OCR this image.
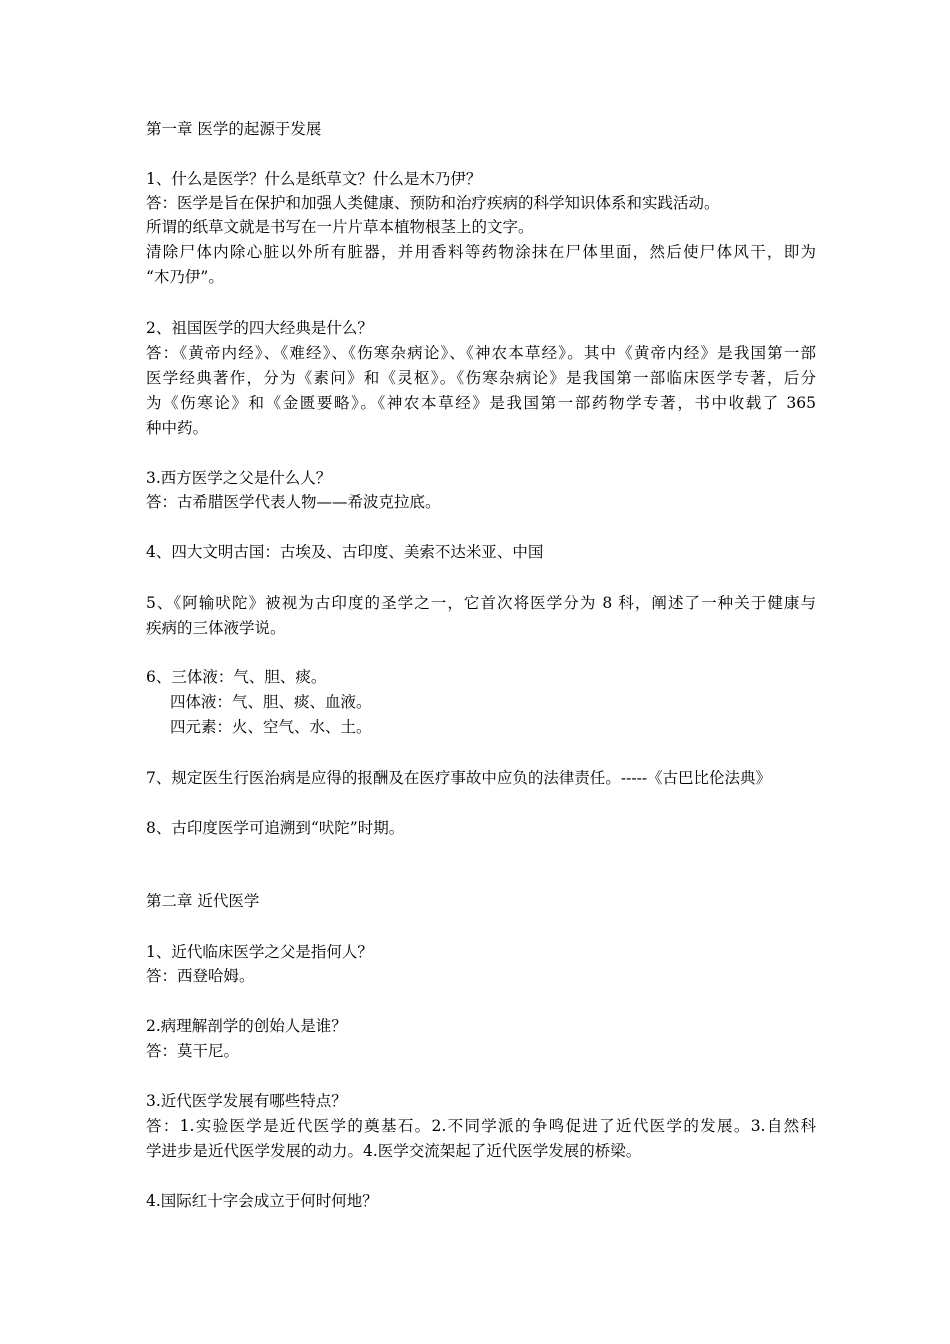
第一章 医学的起源于发展
1、什么是医学？什么是纸草文？什么是木乃伊？
答：医学是旨在保护和加强人类健康、预防和治疗疾病的科学知识体系和实践活动。
所谓的纸草文就是书写在一片片草本植物根茎上的文字。
清除尸体内除心脏以外所有脏器，并用香料等药物涂抹在尸体里面，然后使尸体风干，即为
“木乃伊”。
2、祖国医学的四大经典是什么？
答：《黄帝内经》、《难经》、《伤寒杂病论》、《神农本草经》。其中《黄帝内经》是我国第一部
医学经典著作，分为《素问》和《灵枢》。《伤寒杂病论》是我国第一部临床医学专著，后分
为《伤寒论》和《金匮要略》。《神农本草经》是我国第一部药物学专著，书中收载了 365
种中药。
3.西方医学之父是什么人？
答：古希腊医学代表人物——希波克拉底。
4、四大文明古国：古埃及、古印度、美索不达米亚、中国
5、《阿输吠陀》被视为古印度的圣学之一，它首次将医学分为 8 科，阐述了一种关于健康与
疾病的三体液学说。
6、三体液：气、胆、痰。
四体液：气、胆、痰、血液。
四元素：火、空气、水、土。
7、规定医生行医治病是应得的报酬及在医疗事故中应负的法律责任。-----《古巴比伦法典》
8、古印度医学可追溯到“吠陀”时期。
第二章 近代医学
1、近代临床医学之父是指何人？
答：西登哈姆。
2.病理解剖学的创始人是谁？
答：莫干尼。
3.近代医学发展有哪些特点？
答：1.实验医学是近代医学的奠基石。2.不同学派的争鸣促进了近代医学的发展。3.自然科
学进步是近代医学发展的动力。4.医学交流架起了近代医学发展的桥梁。
4.国际红十字会成立于何时何地？
